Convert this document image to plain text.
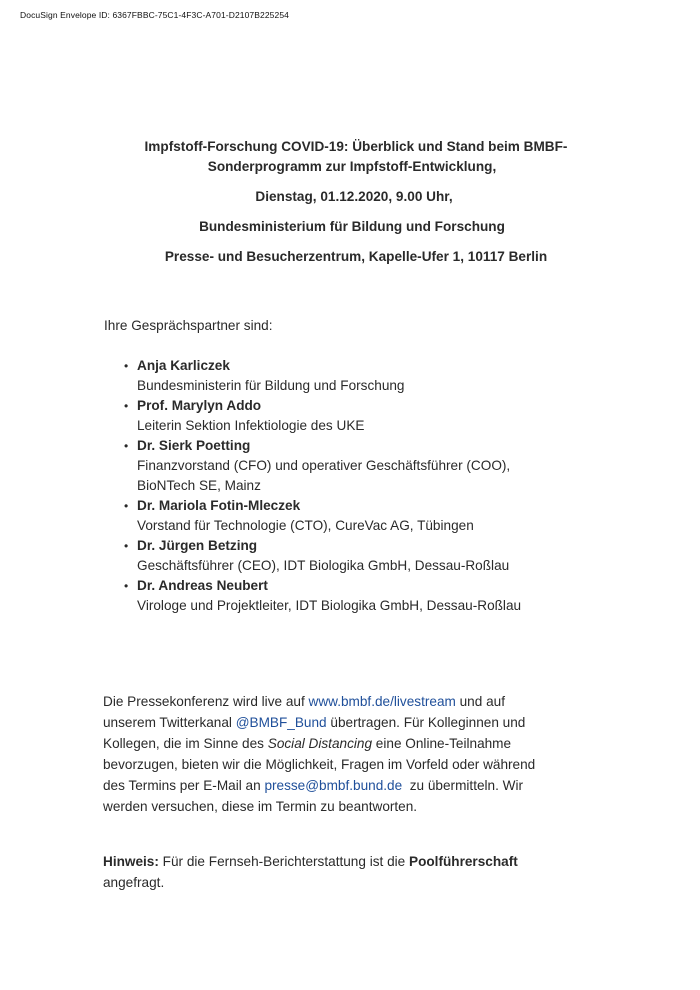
DocuSign Envelope ID: 6367FBBC-75C1-4F3C-A701-D2107B225254
Impfstoff-Forschung COVID-19: Überblick und Stand beim BMBF-
Sonderprogramm zur Impfstoff-Entwicklung,
Dienstag, 01.12.2020, 9.00 Uhr,
Bundesministerium für Bildung und Forschung
Presse- und Besucherzentrum, Kapelle-Ufer 1, 10117 Berlin
Ihre Gesprächspartner sind:
• Anja Karliczek
Bundesministerin für Bildung und Forschung
• Prof. Marylyn Addo
Leiterin Sektion Infektiologie des UKE
• Dr. Sierk Poetting
Finanzvorstand (CFO) und operativer Geschäftsführer (COO),
BioNTech SE, Mainz
• Dr. Mariola Fotin-Mleczek
Vorstand für Technologie (CTO), CureVac AG, Tübingen
• Dr. Jürgen Betzing
Geschäftsführer (CEO), IDT Biologika GmbH, Dessau-Roßlau
• Dr. Andreas Neubert
Virologe und Projektleiter, IDT Biologika GmbH, Dessau-Roßlau
Die Pressekonferenz wird live auf www.bmbf.de/livestream und auf
unserem Twitterkanal @BMBF_Bund übertragen. Für Kolleginnen und
Kollegen, die im Sinne des Social Distancing eine Online-Teilnahme
bevorzugen, bieten wir die Möglichkeit, Fragen im Vorfeld oder während
des Termins per E-Mail an presse@bmbf.bund.de  zu übermitteln. Wir
werden versuchen, diese im Termin zu beantworten.
Hinweis: Für die Fernseh-Berichterstattung ist die Poolführerschaft
angefragt.
